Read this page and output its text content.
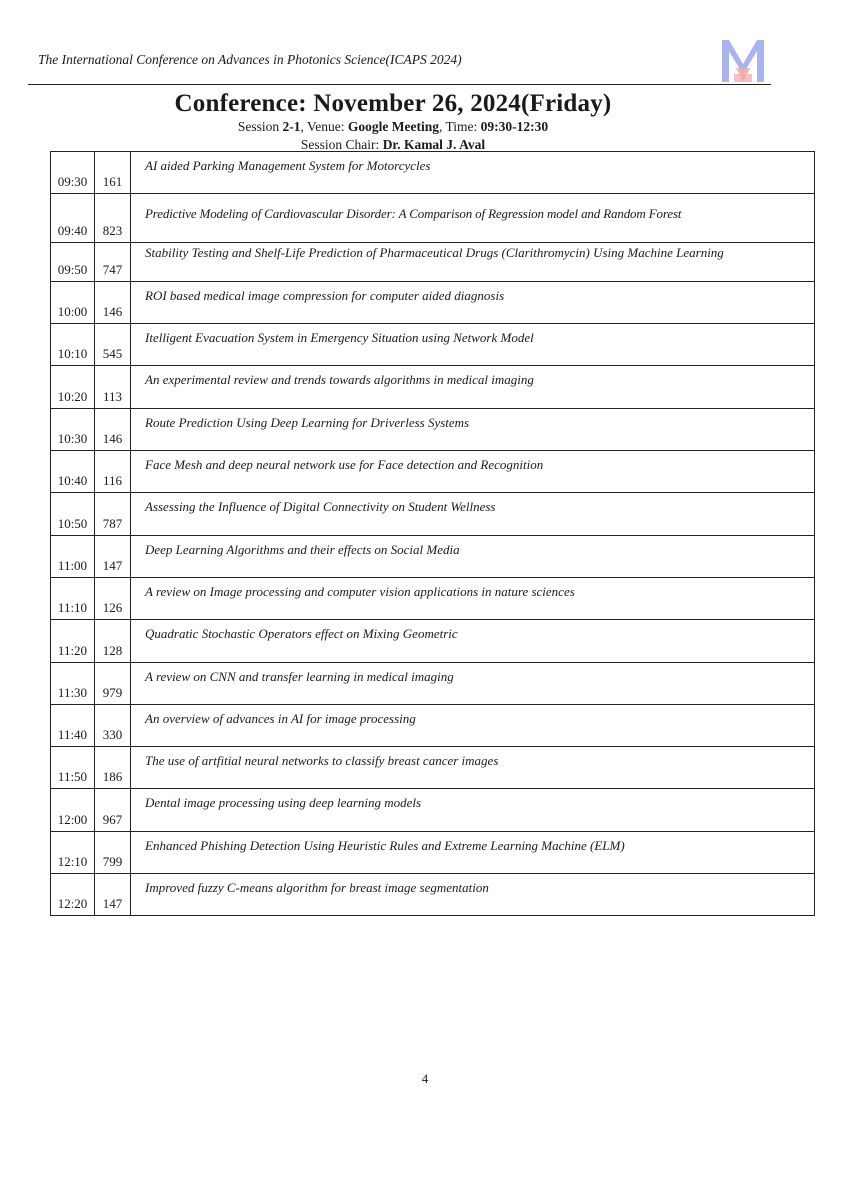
The International Conference on Advances in Photonics Science(ICAPS 2024)
Conference: November 26, 2024(Friday)
Session 2-1, Venue: Google Meeting, Time: 09:30-12:30
Session Chair: Dr. Kamal J. Aval
09:30	161	AI aided Parking Management System for Motorcycles
09:40	823	Predictive Modeling of Cardiovascular Disorder: A Comparison of Regression model and Random Forest
09:50	747	Stability Testing and Shelf-Life Prediction of Pharmaceutical Drugs (Clarithromycin) Using Machine Learning
10:00	146	ROI based medical image compression for computer aided diagnosis
10:10	545	Itelligent Evacuation System in Emergency Situation using Network Model
10:20	113	An experimental review and trends towards algorithms in medical imaging
10:30	146	Route Prediction Using Deep Learning for Driverless Systems
10:40	116	Face Mesh and deep neural network use for Face detection and Recognition
10:50	787	Assessing the Influence of Digital Connectivity on Student Wellness
11:00	147	Deep Learning Algorithms and their effects on Social Media
11:10	126	A review on Image processing and computer vision applications in nature sciences
11:20	128	Quadratic Stochastic Operators effect on Mixing Geometric
11:30	979	A review on CNN and transfer learning in medical imaging
11:40	330	An overview of advances in AI for image processing
11:50	186	The use of artfitial neural networks to classify breast cancer images
12:00	967	Dental image processing using deep learning models
12:10	799	Enhanced Phishing Detection Using Heuristic Rules and Extreme Learning Machine (ELM)
12:20	147	Improved fuzzy C-means algorithm for breast image segmentation
4
